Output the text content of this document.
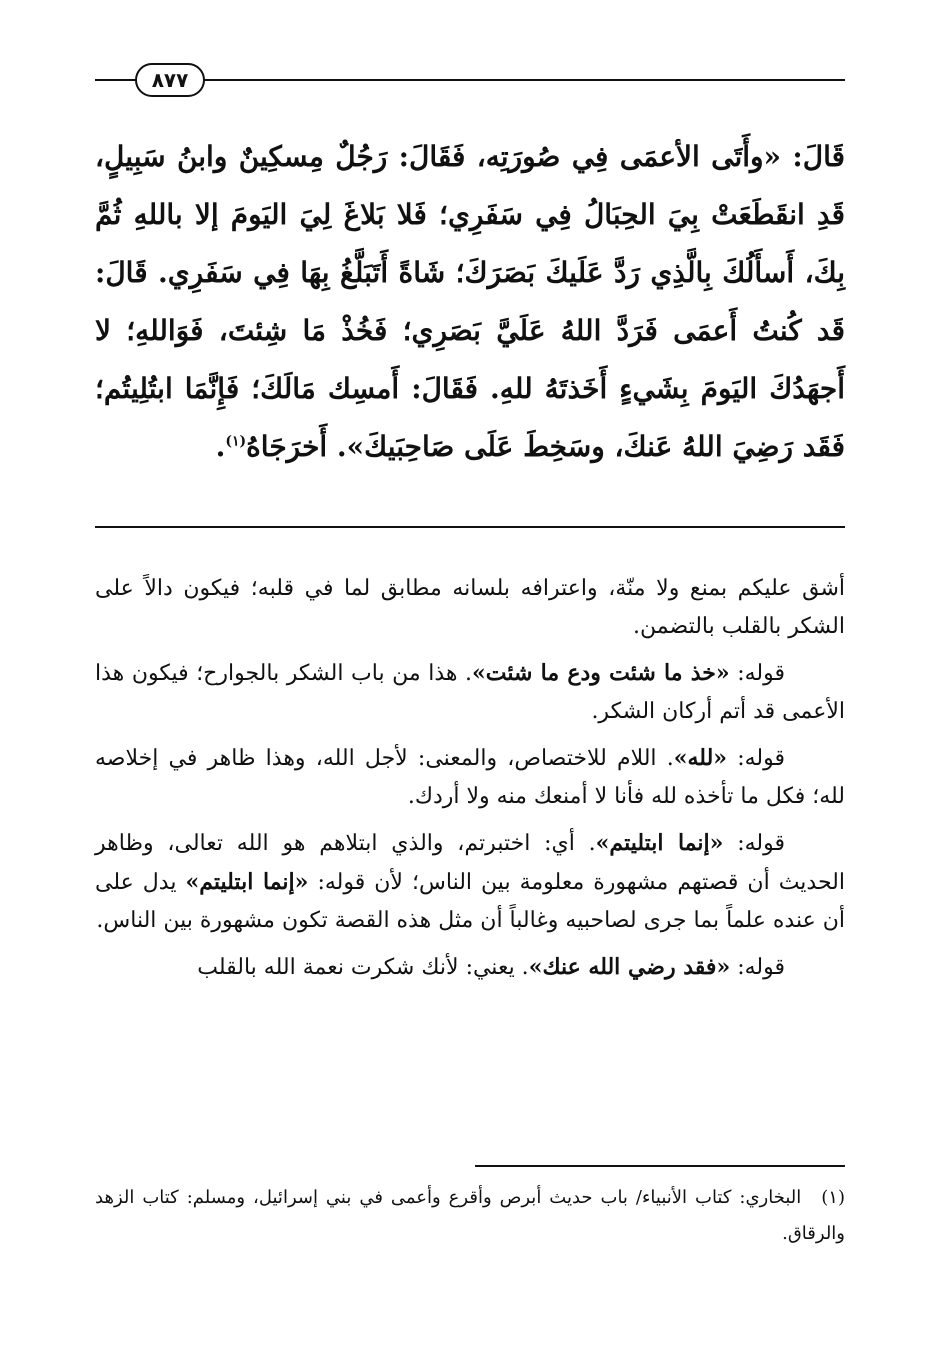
٨٧٧

قَالَ: «وأَتَى الأعمَى فِي صُورَتِه، فَقَالَ: رَجُلٌ مِسكِينٌ وابنُ سَبِيلٍ، قَدِ انقَطَعَتْ بِيَ الحِبَالُ فِي سَفَرِي؛ فَلا بَلاغَ لِيَ اليَومَ إلا باللهِ ثُمَّ بِكَ، أَسأَلُكَ بِالَّذِي رَدَّ عَلَيكَ بَصَرَكَ؛ شَاةً أَتَبَلَّغُ بِهَا فِي سَفَرِي. قَالَ: قَد كُنتُ أَعمَى فَرَدَّ اللهُ عَلَيَّ بَصَرِي؛ فَخُذْ مَا شِئتَ، فَوَاللهِ؛ لا أَجهَدُكَ اليَومَ بِشَيءٍ أَخَذتَهُ للهِ. فَقَالَ: أَمسِك مَالَكَ؛ فَإِنَّمَا ابتُلِيتُم؛ فَقَد رَضِيَ اللهُ عَنكَ، وسَخِطَ عَلَى صَاحِبَيكَ». أَخرَجَاهُ$^{(١)}$.

أشق عليكم بمنع ولا منّة، واعترافه بلسانه مطابق لما في قلبه؛ فيكون دالاً على الشكر بالقلب بالتضمن.

قوله: «خذ ما شئت ودع ما شئت». هذا من باب الشكر بالجوارح؛ فيكون هذا الأعمى قد أتم أركان الشكر.

قوله: «لله». اللام للاختصاص، والمعنى: لأجل الله، وهذا ظاهر في إخلاصه لله؛ فكل ما تأخذه لله فأنا لا أمنعك منه ولا أردك.

قوله: «إنما ابتليتم». أي: اختبرتم، والذي ابتلاهم هو الله تعالى، وظاهر الحديث أن قصتهم مشهورة معلومة بين الناس؛ لأن قوله: «إنما ابتليتم» يدل على أن عنده علماً بما جرى لصاحبيه وغالباً أن مثل هذه القصة تكون مشهورة بين الناس.

قوله: «فقد رضي الله عنك». يعني: لأنك شكرت نعمة الله بالقلب

(١)البخاري: كتاب الأنبياء/ باب حديث أبرص وأقرع وأعمى في بني إسرائيل، ومسلم: كتاب الزهد والرقاق.
